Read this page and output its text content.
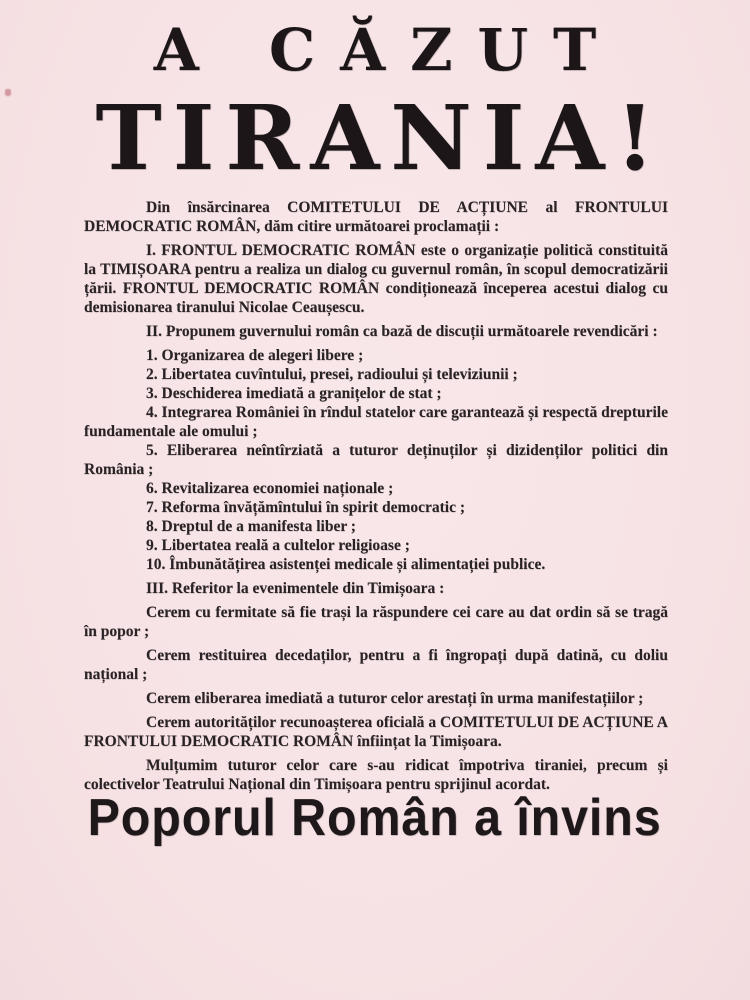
A CĂZUT
TIRANIA!

Din însărcinarea COMITETULUI DE ACȚIUNE al FRONTULUI DEMOCRATIC ROMÂN, dăm citire următoarei proclamații :

I. FRONTUL DEMOCRATIC ROMÂN este o organizație politică constituită la TIMIȘOARA pentru a realiza un dialog cu guvernul român, în scopul democratizării țării. FRONTUL DEMOCRATIC ROMÂN condiționează începerea acestui dialog cu demisionarea tiranului Nicolae Ceaușescu.

II. Propunem guvernului român ca bază de discuții următoarele revendicări :

1. Organizarea de alegeri libere ;

2. Libertatea cuvîntului, presei, radioului și televiziunii ;

3. Deschiderea imediată a granițelor de stat ;

4. Integrarea României în rîndul statelor care garantează și respectă drepturile fundamentale ale omului ;

5. Eliberarea neîntîrziată a tuturor deținuților și dizidenților politici din România ;

6. Revitalizarea economiei naționale ;

7. Reforma învățămîntului în spirit democratic ;

8. Dreptul de a manifesta liber ;

9. Libertatea reală a cultelor religioase ;

10. Îmbunătățirea asistenței medicale și alimentației publice.

III. Referitor la evenimentele din Timișoara :

Cerem cu fermitate să fie trași la răspundere cei care au dat ordin să se tragă în popor ;

Cerem restituirea decedaților, pentru a fi îngropați după datină, cu doliu național ;

Cerem eliberarea imediată a tuturor celor arestați în urma manifestațiilor ;

Cerem autorităților recunoașterea oficială a COMITETULUI DE ACȚIUNE A FRONTULUI DEMOCRATIC ROMÂN înființat la Timișoara.

Mulțumim tuturor celor care s-au ridicat împotriva tiraniei, precum și colectivelor Teatrului Național din Timișoara pentru sprijinul acordat.

Poporul Român a învins
